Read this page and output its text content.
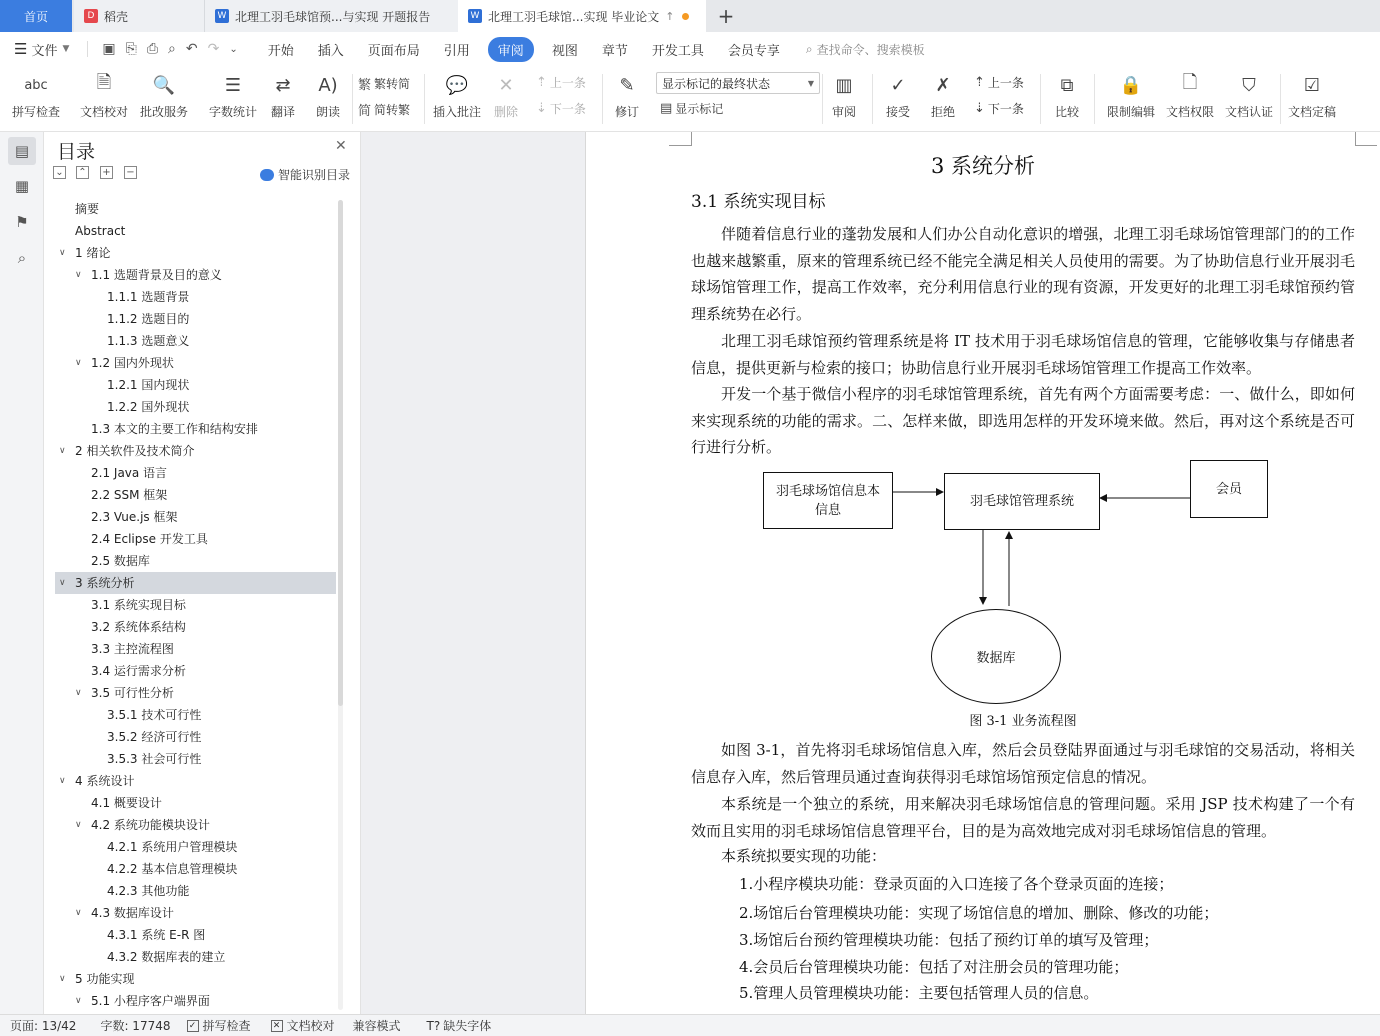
首页	D 稻壳	W 北理工羽毛球馆预...与实现 开题报告	W 北理工羽毛球馆...实现 毕业论文 ↑ +
☰ 文件 ▼ ▣ ⎘ ⎙ ⌕ ↶ ↷ ⌄ 开始 插入 页面布局 引用	审阅	视图 章节 开发工具 会员专享 ⌕ 查找命令、搜索模板
abc
拼写检查
🗎
文档校对
🔍
批改服务
☰
字数统计
⇄
翻译
A)
朗读
繁 繁转简
简 简转繁
💬
插入批注
✕
删除
⇡ 上一条
⇣ 下一条
✎
修订
显示标记的最终状态	▼
▤ 显示标记
▥
审阅
✓
接受
✗
拒绝
⇡ 上一条
⇣ 下一条
⧉
比较
🔒
限制编辑
🗋
文档权限
⛉
文档认证
☑
文档定稿
▤
▦
⚑
⌕
目录	✕
⌄ ⌃ + −	智能识别目录
摘要
Abstract
∨ 1 绪论
∨ 1.1 选题背景及目的意义
1.1.1 选题背景
1.1.2 选题目的
1.1.3 选题意义
∨ 1.2 国内外现状
1.2.1 国内现状
1.2.2 国外现状
1.3 本文的主要工作和结构安排
∨ 2 相关软件及技术简介
2.1 Java 语言
2.2 SSM 框架
2.3 Vue.js 框架
2.4 Eclipse 开发工具
2.5 数据库
∨ 3 系统分析
3.1 系统实现目标
3.2 系统体系结构
3.3 主控流程图
3.4 运行需求分析
∨ 3.5 可行性分析
3.5.1 技术可行性
3.5.2 经济可行性
3.5.3 社会可行性
∨ 4 系统设计
4.1 概要设计
∨ 4.2 系统功能模块设计
4.2.1 系统用户管理模块
4.2.2 基本信息管理模块
4.2.3 其他功能
∨ 4.3 数据库设计
4.3.1 系统 E-R 图
4.3.2 数据库表的建立
∨ 5 功能实现
∨ 5.1 小程序客户端界面
3 系统分析
3.1 系统实现目标
伴随着信息行业的蓬勃发展和人们办公自动化意识的增强，北理工羽毛球场馆管理部门的的工作也越来越繁重，原来的管理系统已经不能完全满足相关人员使用的需要。为了协助信息行业开展羽毛球场馆管理工作，提高工作效率，充分利用信息行业的现有资源，开发更好的北理工羽毛球馆预约管理系统势在必行。
北理工羽毛球馆预约管理系统是将 IT 技术用于羽毛球场馆信息的管理，它能够收集与存储患者信息，提供更新与检索的接口；协助信息行业开展羽毛球场馆管理工作提高工作效率。
开发一个基于微信小程序的羽毛球馆管理系统，首先有两个方面需要考虑：一、做什么，即如何来实现系统的功能的需求。二、怎样来做，即选用怎样的开发环境来做。然后，再对这个系统是否可行进行分析。
羽毛球场馆信息本信息
羽毛球馆管理系统
会员
数据库
图 3-1 业务流程图
如图 3-1，首先将羽毛球场馆信息入库，然后会员登陆界面通过与羽毛球馆的交易活动，将相关信息存入库，然后管理员通过查询获得羽毛球馆场馆预定信息的情况。
本系统是一个独立的系统，用来解决羽毛球场馆信息的管理问题。采用 JSP 技术构建了一个有效而且实用的羽毛球场馆信息管理平台，目的是为高效地完成对羽毛球场馆信息的管理。
本系统拟要实现的功能：
1.小程序模块功能：登录页面的入口连接了各个登录页面的连接；
2.场馆后台管理模块功能：实现了场馆信息的增加、删除、修改的功能；
3.场馆后台预约管理模块功能：包括了预约订单的填写及管理；
4.会员后台管理模块功能：包括了对注册会员的管理功能；
5.管理人员管理模块功能：主要包括管理人员的信息。
页面: 13/42 字数: 17748 ✓ 拼写检查 ✕ 文档校对 兼容模式 T? 缺失字体
